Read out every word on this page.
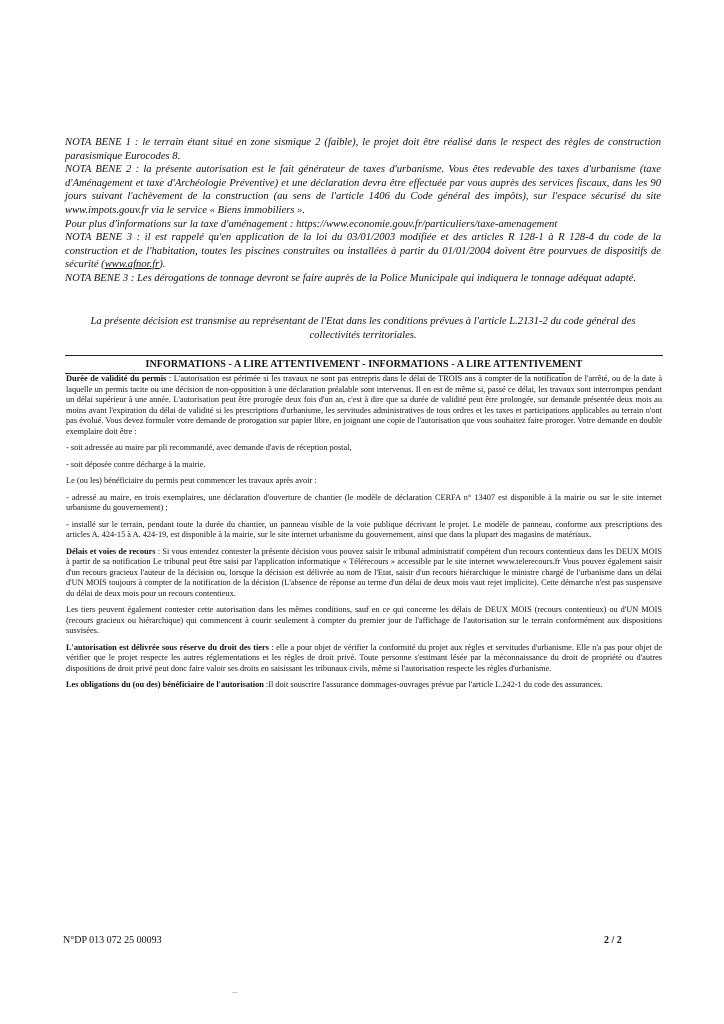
NOTA BENE 1 : le terrain étant situé en zone sismique 2 (faible), le projet doit être réalisé dans le respect des règles de construction parasismique Eurocodes 8.

NOTA BENE 2 : la présente autorisation est le fait générateur de taxes d'urbanisme. Vous êtes redevable des taxes d'urbanisme (taxe d'Aménagement et taxe d'Archéologie Préventive) et une déclaration devra être effectuée par vous auprès des services fiscaux, dans les 90 jours suivant l'achèvement de la construction (au sens de l'article 1406 du Code général des impôts), sur l'espace sécurisé du site www.impots.gouv.fr via le service « Biens immobiliers ».

Pour plus d'informations sur la taxe d'aménagement : https://www.economie.gouv.fr/particuliers/taxe-amenagement

NOTA BENE 3 : il est rappelé qu'en application de la loi du 03/01/2003 modifiée et des articles R 128-1 à R 128-4 du code de la construction et de l'habitation, toutes les piscines construites ou installées à partir du 01/01/2004 doivent être pourvues de dispositifs de sécurité (www.afnor.fr).

NOTA BENE 3 : Les dérogations de tonnage devront se faire auprès de la Police Municipale qui indiquera le tonnage adéquat adapté.

La présente décision est transmise au représentant de l'Etat dans les conditions prévues à l'article L.2131-2 du code général des collectivités territoriales.
INFORMATIONS - A LIRE ATTENTIVEMENT - INFORMATIONS - A LIRE ATTENTIVEMENT

Durée de validité du permis : L'autorisation est périmée si les travaux ne sont pas entrepris dans le délai de TROIS ans à compter de la notification de l'arrêté, ou de la date à laquelle un permis tacite ou une décision de non-opposition à une déclaration préalable sont intervenus. Il en est de même si, passé ce délai, les travaux sont interrompus pendant un délai supérieur à une année. L'autorisation peut être prorogée deux fois d'un an, c'est à dire que sa durée de validité peut être prolongée, sur demande présentée deux mois au moins avant l'expiration du délai de validité si les prescriptions d'urbanisme, les servitudes administratives de tous ordres et les taxes et participations applicables au terrain n'ont pas évolué. Vous devez formuler votre demande de prorogation sur papier libre, en joignant une copie de l'autorisation que vous souhaitez faire proroger. Votre demande en double exemplaire doit être :

- soit adressée au maire par pli recommandé, avec demande d'avis de réception postal,

- soit déposée contre décharge à la mairie.

Le (ou les) bénéficiaire du permis peut commencer les travaux après avoir :

- adressé au maire, en trois exemplaires, une déclaration d'ouverture de chantier (le modèle de déclaration CERFA n° 13407 est disponible à la mairie ou sur le site internet urbanisme du gouvernement) ;

- installé sur le terrain, pendant toute la durée du chantier, un panneau visible de la voie publique décrivant le projet. Le modèle de panneau, conforme aux prescriptions des articles A. 424-15 à A. 424-19, est disponible à la mairie, sur le site internet urbanisme du gouvernement, ainsi que dans la plupart des magasins de matériaux.

Délais et voies de recours : Si vous entendez contester la présente décision vous pouvez saisir le tribunal administratif compétent d'un recours contentieux dans les DEUX MOIS à partir de sa notification Le tribunal peut être saisi par l'application informatique « Télérecours » accessible par le site internet www.telerecours.fr Vous pouvez également saisir d'un recours gracieux l'auteur de la décision ou, lorsque la décision est délivrée au nom de l'Etat, saisir d'un recours hiérarchique le ministre chargé de l'urbanisme dans un délai d'UN MOIS toujours à compter de la notification de la décision (L'absence de réponse au terme d'un délai de deux mois vaut rejet implicite). Cette démarche n'est pas suspensive du délai de deux mois pour un recours contentieux.

Les tiers peuvent également contester cette autorisation dans les mêmes conditions, sauf en ce qui concerne les délais de DEUX MOIS (recours contentieux) ou d'UN MOIS (recours gracieux ou hiérarchique) qui commencent à courir seulement à compter du premier jour de l'affichage de l'autorisation sur le terrain conformément aux dispositions susvisées.

L'autorisation est délivrée sous réserve du droit des tiers : elle a pour objet de vérifier la conformité du projet aux règles et servitudes d'urbanisme. Elle n'a pas pour objet de vérifier que le projet respecte les autres réglementations et les règles de droit privé. Toute personne s'estimant lésée par la méconnaissance du droit de propriété ou d'autres dispositions de droit privé peut donc faire valoir ses droits en saisissant les tribunaux civils, même si l'autorisation respecte les règles d'urbanisme.

Les obligations du (ou des) bénéficiaire de l'autorisation :Il doit souscrire l'assurance dommages-ouvrages prévue par l'article L.242-1 du code des assurances.

N°DP 013 072 25 00093	2 / 2
